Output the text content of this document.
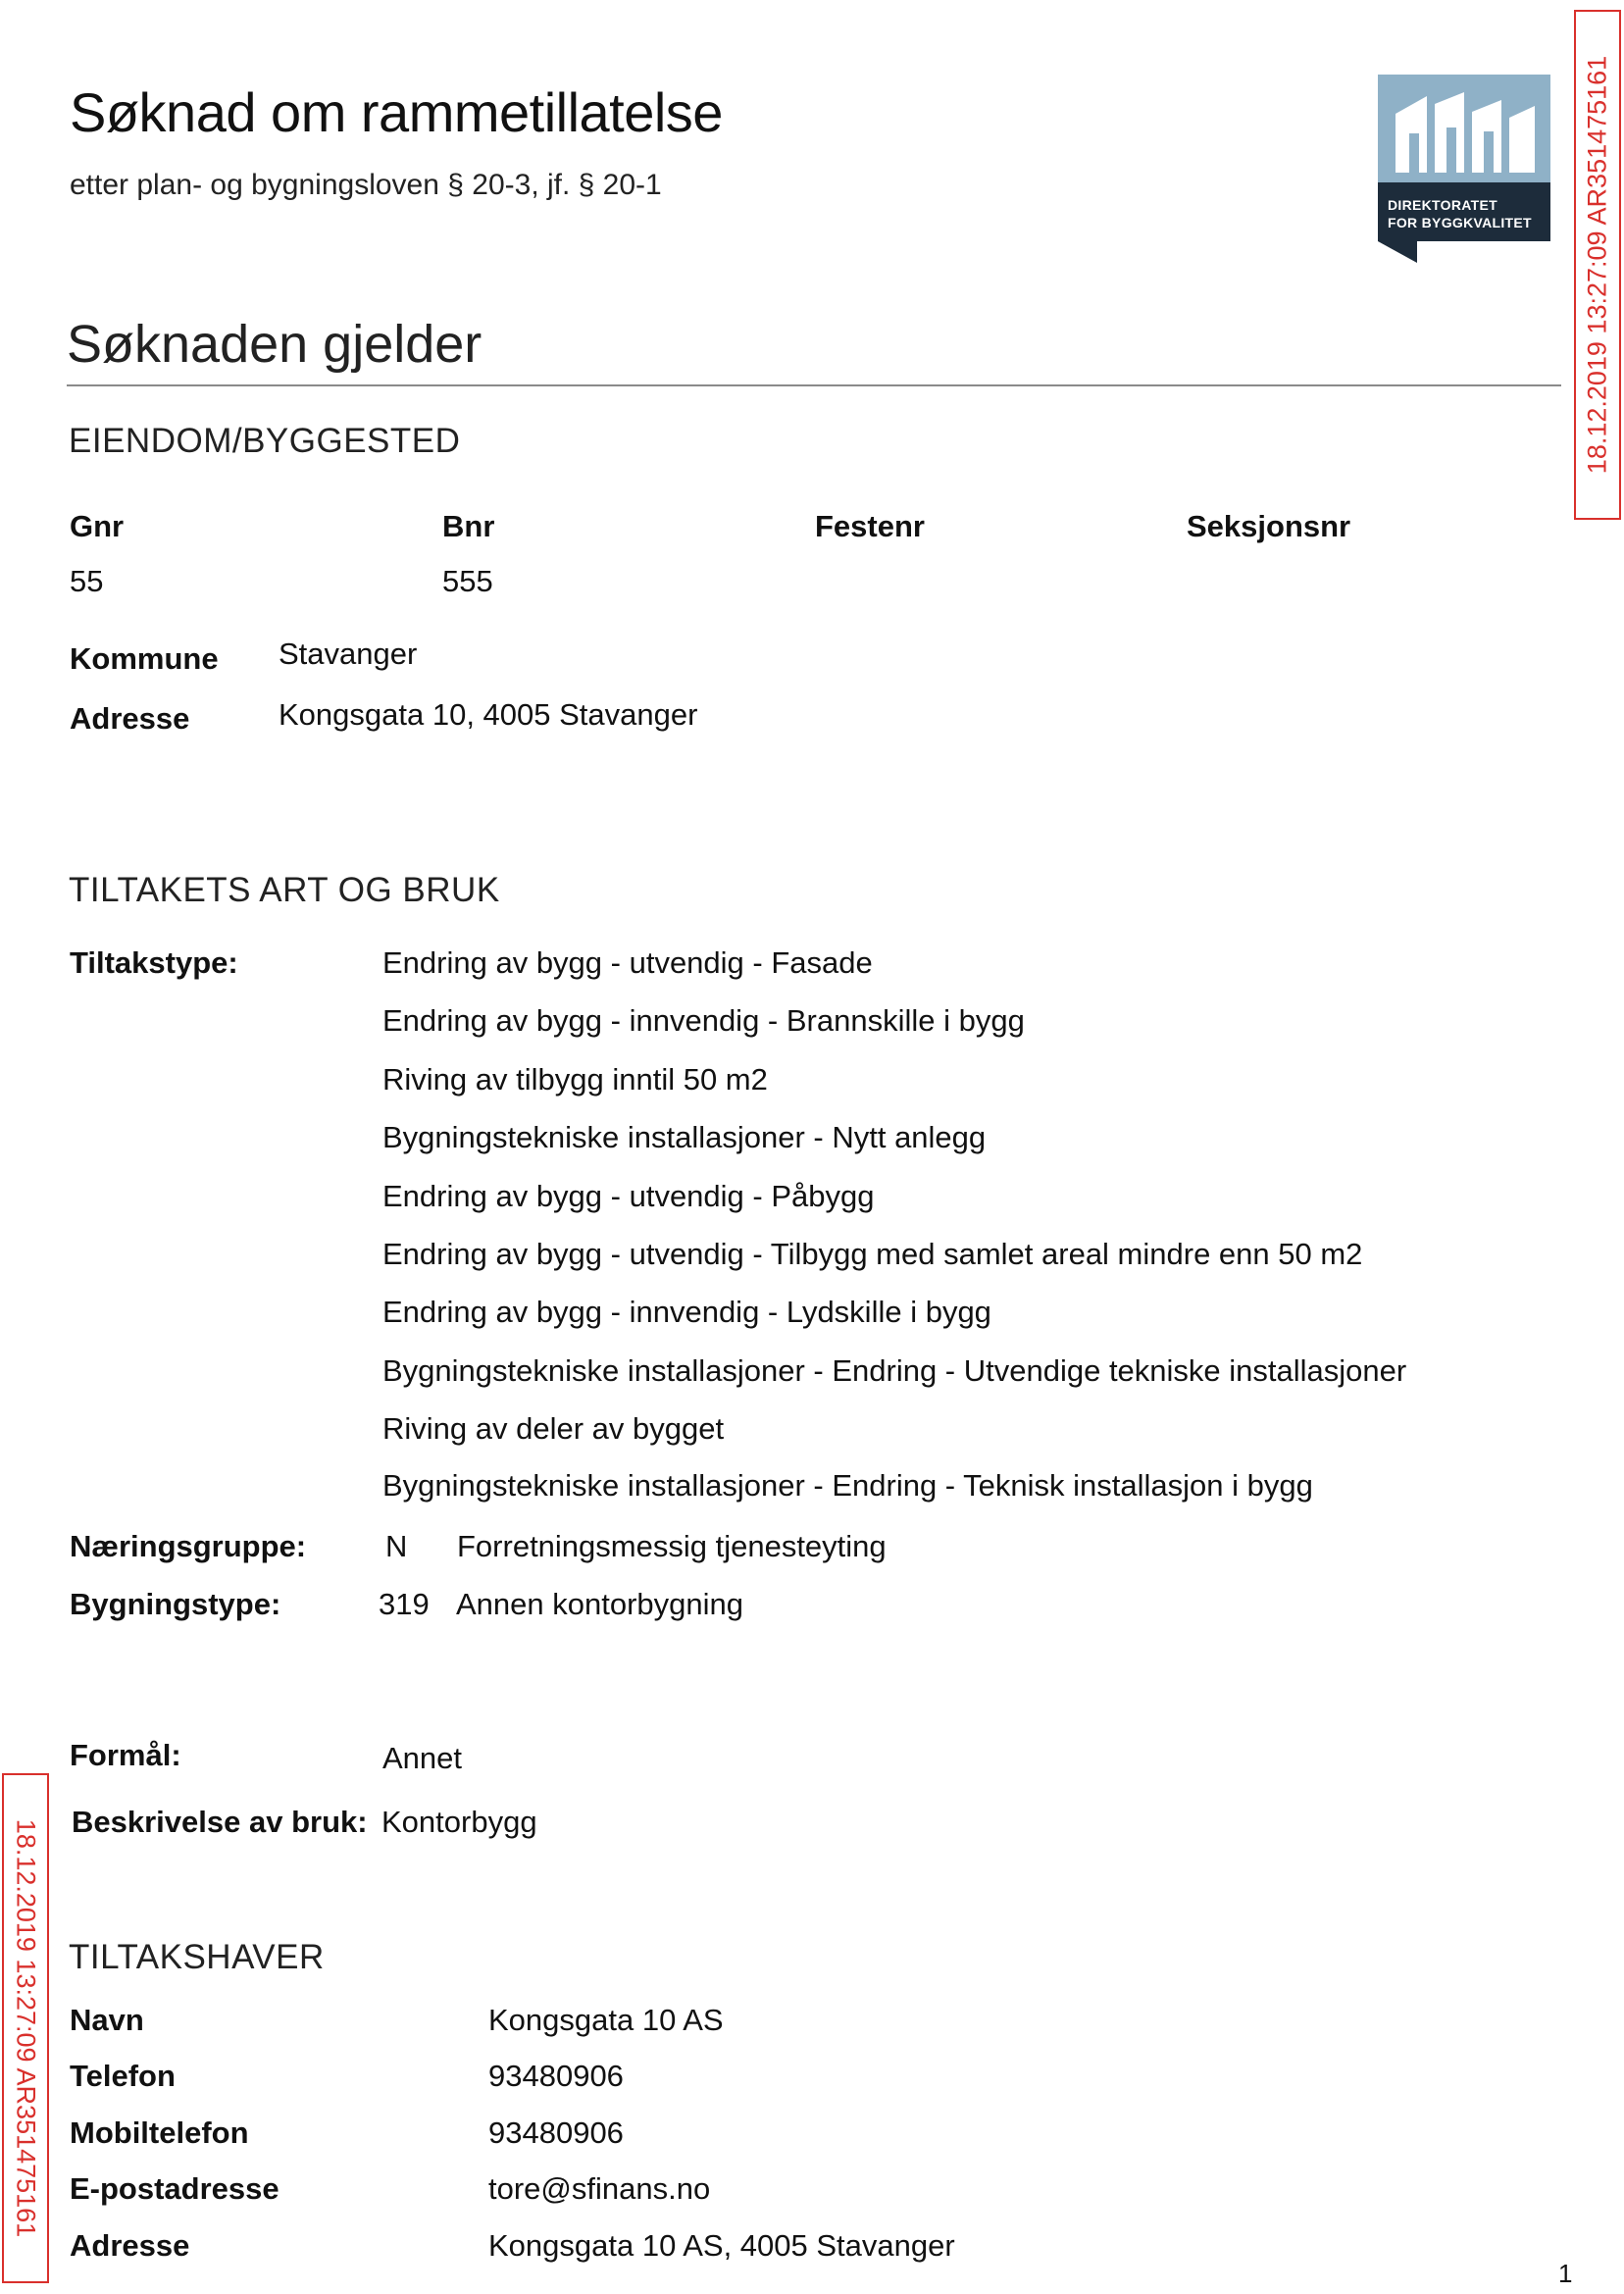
Søknad om rammetillatelse
etter plan- og bygningsloven § 20-3, jf. § 20-1
DIREKTORATET
FOR BYGGKVALITET 18.12.2019 13:27:09 AR351475161
18.12.2019 13:27:09 AR351475161
Søknaden gjelder
EIENDOM/BYGGESTED
Gnr	Bnr	Festenr	Seksjonsnr
55	555
Kommune Stavanger
Adresse	Kongsgata 10, 4005 Stavanger
TILTAKETS ART OG BRUK
Tiltakstype:	Endring av bygg - utvendig - Fasade
Endring av bygg - innvendig - Brannskille i bygg
Riving av tilbygg inntil 50 m2
Bygningstekniske installasjoner - Nytt anlegg
Endring av bygg - utvendig - Påbygg
Endring av bygg - utvendig - Tilbygg med samlet areal mindre enn 50 m2
Endring av bygg - innvendig - Lydskille i bygg
Bygningstekniske installasjoner - Endring - Utvendige tekniske installasjoner
Riving av deler av bygget
Bygningstekniske installasjoner - Endring - Teknisk installasjon i bygg
Næringsgruppe:	N Forretningsmessig tjenesteyting
Bygningstype:	319 Annen kontorbygning
Formål:	Annet
Beskrivelse av bruk: Kontorbygg
TILTAKSHAVER
Navn	Kongsgata 10 AS
Telefon	93480906
Mobiltelefon	93480906
E-postadresse	tore@sfinans.no
Adresse	Kongsgata 10 AS, 4005 Stavanger
1
